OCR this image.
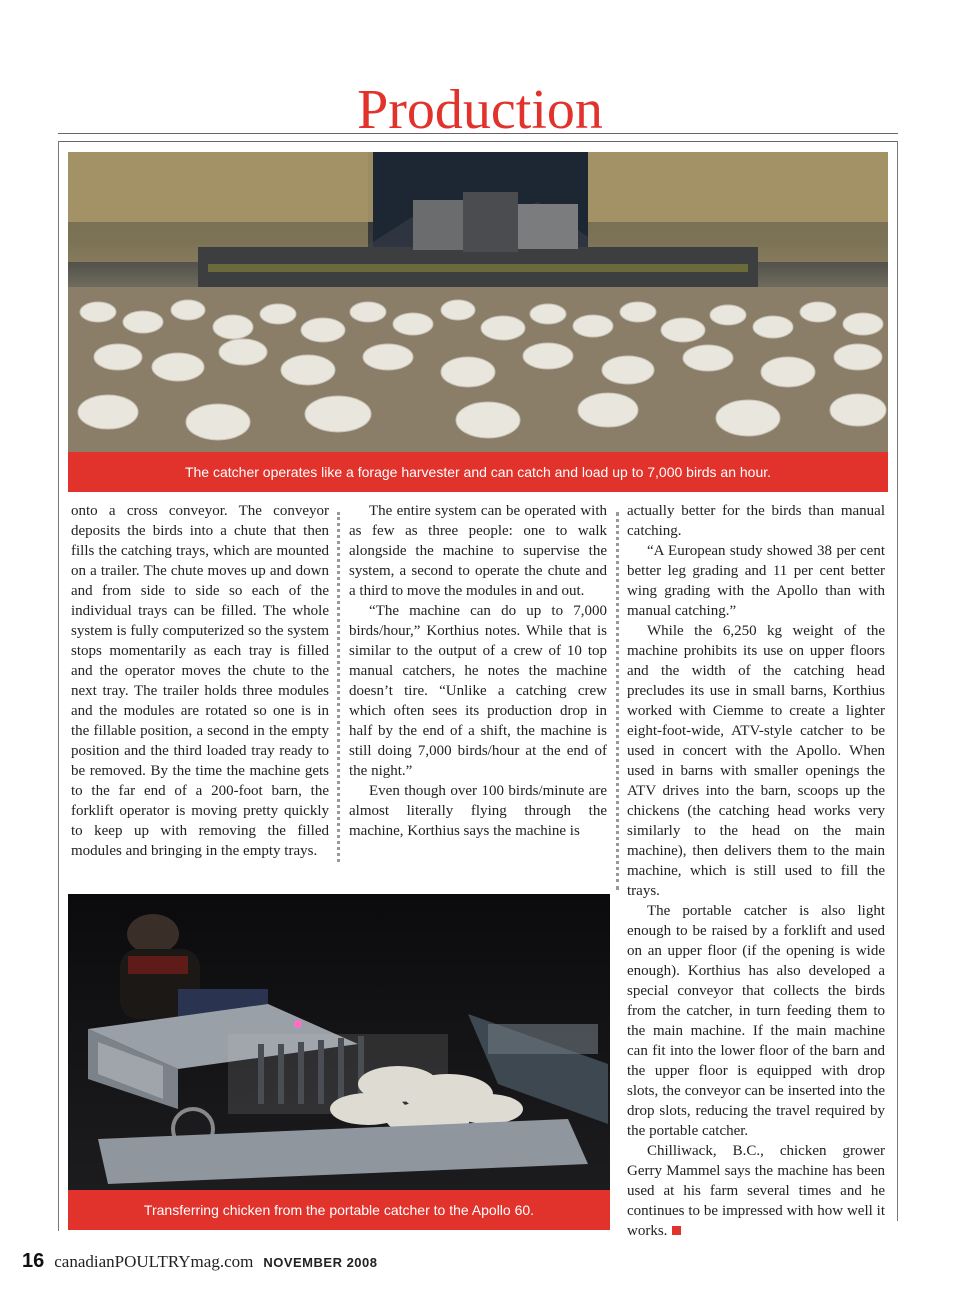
Production
The catcher operates like a forage harvester and can catch and load up to 7,000 birds an hour.

onto a cross conveyor. The conveyor deposits the birds into a chute that then fills the catching trays, which are mounted on a trailer. The chute moves up and down and from side to side so each of the individual trays can be filled. The whole system is fully computerized so the system stops momentarily as each tray is filled and the operator moves the chute to the next tray. The trailer holds three modules and the modules are rotated so one is in the fillable position, a second in the empty position and the third loaded tray ready to be removed. By the time the machine gets to the far end of a 200-foot barn, the forklift operator is moving pretty quickly to keep up with removing the filled modules and bringing in the empty trays.

The entire system can be operated with as few as three people: one to walk alongside the machine to supervise the system, a second to operate the chute and a third to move the modules in and out.

“The machine can do up to 7,000 birds/hour,” Korthius notes. While that is similar to the output of a crew of 10 top manual catchers, he notes the machine doesn’t tire. “Unlike a catching crew which often sees its production drop in half by the end of a shift, the machine is still doing 7,000 birds/hour at the end of the night.”

Even though over 100 birds/minute are almost literally flying through the machine, Korthius says the machine is

actually better for the birds than manual catching.

“A European study showed 38 per cent better leg grading and 11 per cent better wing grading with the Apollo than with manual catching.”

While the 6,250 kg weight of the machine prohibits its use on upper floors and the width of the catching head precludes its use in small barns, Korthius worked with Ciemme to create a lighter eight-foot-wide, ATV-style catcher to be used in concert with the Apollo. When used in barns with smaller openings the ATV drives into the barn, scoops up the chickens (the catching head works very similarly to the head on the main machine), then delivers them to the main machine, which is still used to fill the trays.

The portable catcher is also light enough to be raised by a forklift and used on an upper floor (if the opening is wide enough). Korthius has also developed a special conveyor that collects the birds from the catcher, in turn feeding them to the main machine. If the main machine can fit into the lower floor of the barn and the upper floor is equipped with drop slots, the conveyor can be inserted into the drop slots, reducing the travel required by the portable catcher.

Chilliwack, B.C., chicken grower Gerry Mammel says the machine has been used at his farm several times and he continues to be impressed with how well it works.

Transferring chicken from the portable catcher to the Apollo 60.
16 canadianPOULTRYmag.com NOVEMBER 2008
